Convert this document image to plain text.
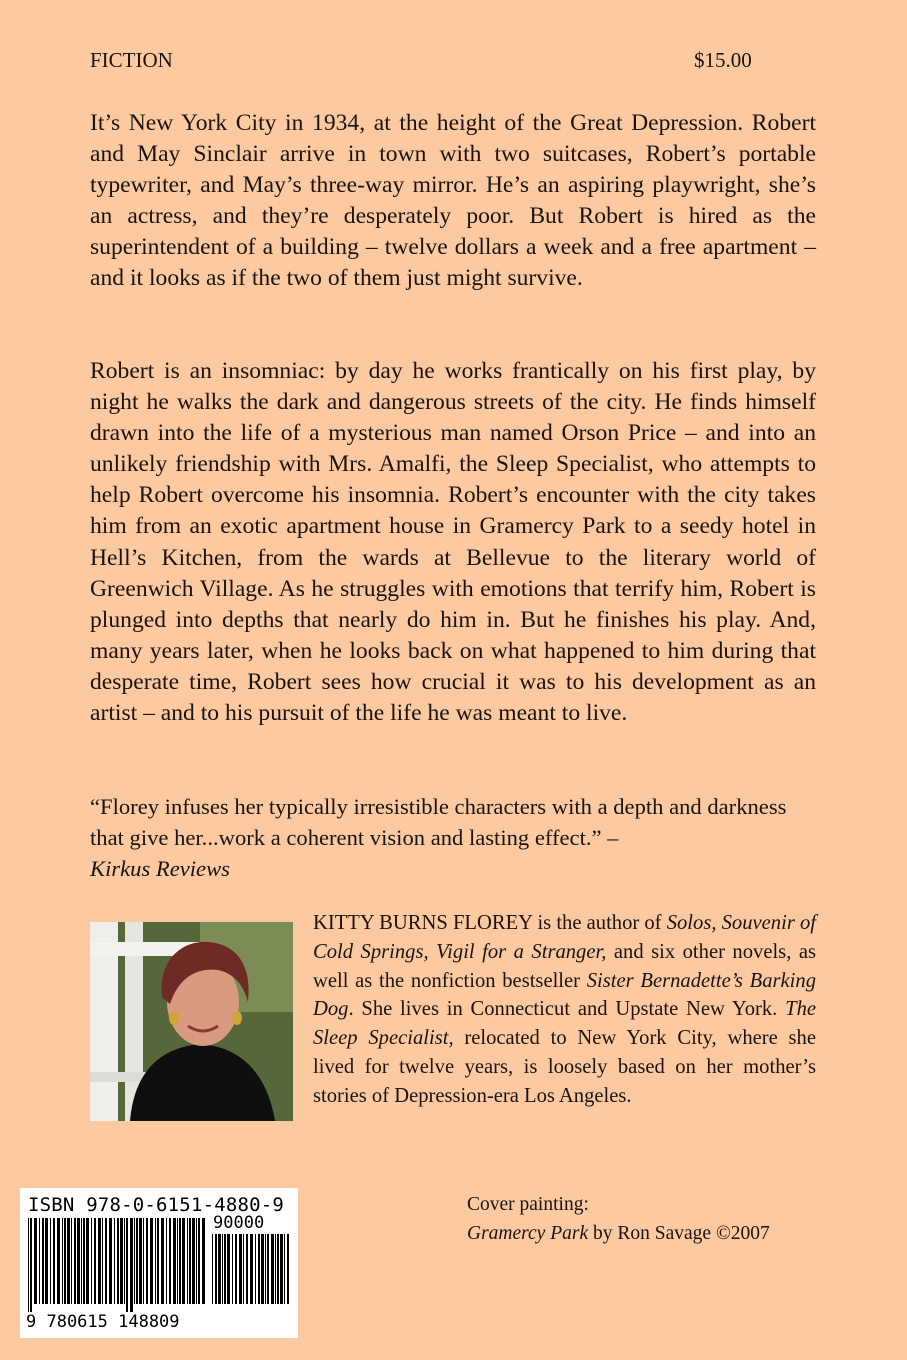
FICTION	$15.00

It’s New York City in 1934, at the height of the Great Depression. Robert and May Sinclair arrive in town with two suitcases, Robert’s portable typewriter, and May’s three-way mirror. He’s an aspiring playwright, she’s an actress, and they’re desperately poor. But Robert is hired as the superintendent of a building – twelve dollars a week and a free apartment – and it looks as if the two of them just might survive.

Robert is an insomniac: by day he works frantically on his first play, by night he walks the dark and dangerous streets of the city. He finds himself drawn into the life of a mysterious man named Orson Price – and into an unlikely friendship with Mrs. Amalfi, the Sleep Specialist, who attempts to help Robert overcome his insomnia. Robert’s encounter with the city takes him from an exotic apartment house in Gramercy Park to a seedy hotel in Hell’s Kitchen, from the wards at Bellevue to the literary world of Greenwich Village. As he struggles with emotions that terrify him, Robert is plunged into depths that nearly do him in. But he finishes his play. And, many years later, when he looks back on what happened to him during that desperate time, Robert sees how crucial it was to his development as an artist – and to his pursuit of the life he was meant to live.

“Florey infuses her typically irresistible characters with a depth and darkness that give her...work a coherent vision and lasting effect.” –
Kirkus Reviews

KITTY BURNS FLOREY is the author of Solos, Souvenir of Cold Springs, Vigil for a Stranger, and six other novels, as well as the nonfiction bestseller Sister Bernadette’s Barking Dog. She lives in Connecticut and Upstate New York. The Sleep Specialist, relocated to New York City, where she lived for twelve years, is loosely based on her mother’s stories of Depression-era Los Angeles.

ISBN 978-0-6151-4880-9
90000
9 780615 148809
Cover painting:
Gramercy Park by Ron Savage ©2007
